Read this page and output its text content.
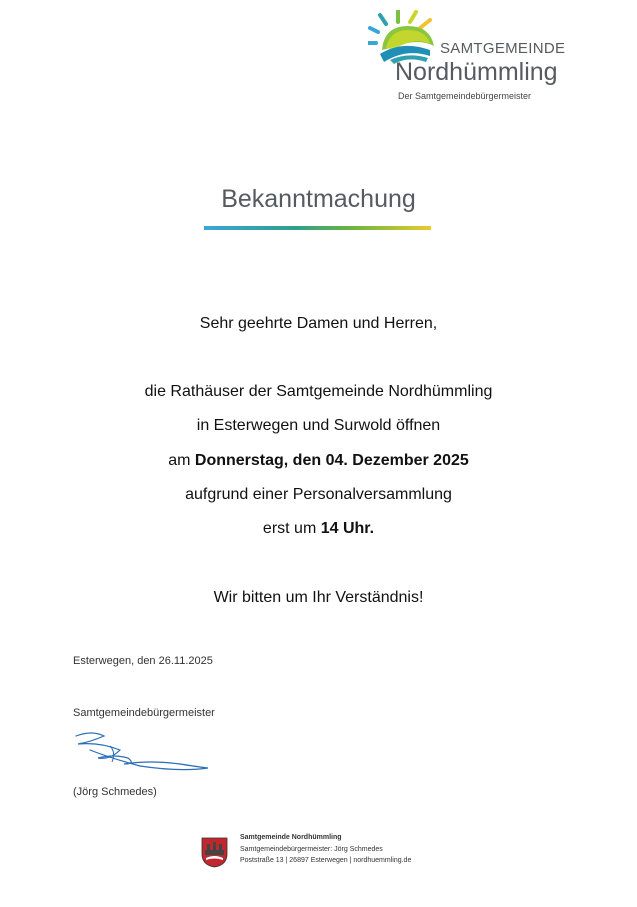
SAMTGEMEINDE
Nordhümmling
Der Samtgemeindebürgermeister
Bekanntmachung
Sehr geehrte Damen und Herren,
die Rathäuser der Samtgemeinde Nordhümmling
in Esterwegen und Surwold öffnen
am Donnerstag, den 04. Dezember 2025
aufgrund einer Personalversammlung
erst um 14 Uhr.
Wir bitten um Ihr Verständnis!
Esterwegen, den 26.11.2025
Samtgemeindebürgermeister
(Jörg Schmedes)
Samtgemeinde Nordhümmling
Samtgemeindebürgermeister: Jörg Schmedes
Poststraße 13 | 26897 Esterwegen | nordhuemmling.de
